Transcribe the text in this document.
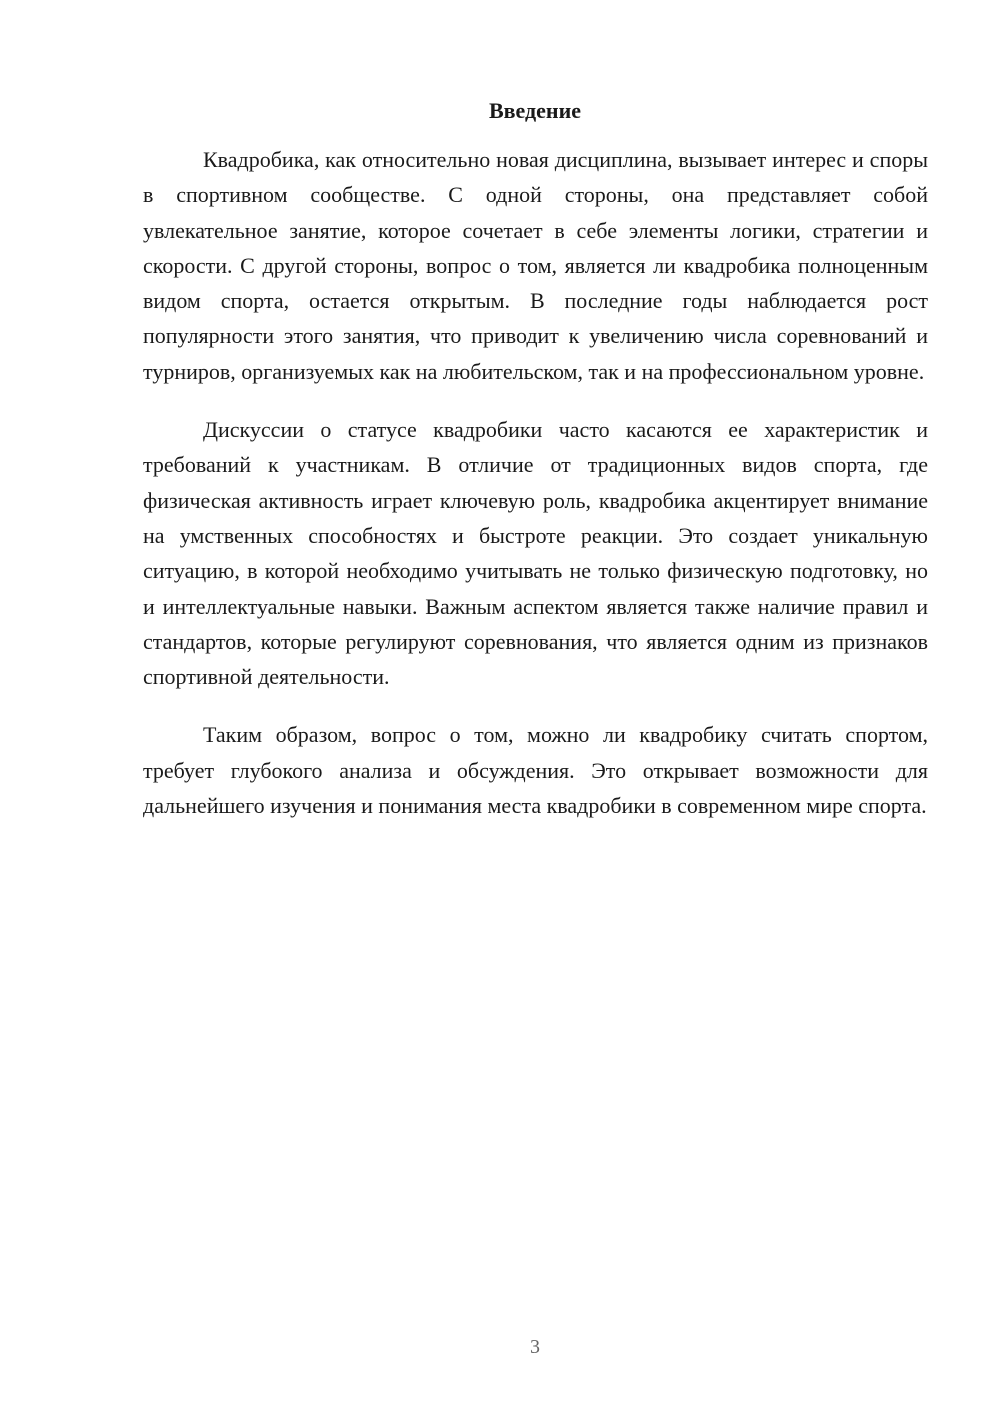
Введение

Квадробика, как относительно новая дисциплина, вызывает интерес и споры в спортивном сообществе. С одной стороны, она представляет собой увлекательное занятие, которое сочетает в себе элементы логики, стратегии и скорости. С другой стороны, вопрос о том, является ли квадробика полноценным видом спорта, остается открытым. В последние годы наблюдается рост популярности этого занятия, что приводит к увеличению числа соревнований и турниров, организуемых как на любительском, так и на профессиональном уровне.

Дискуссии о статусе квадробики часто касаются ее характеристик и требований к участникам. В отличие от традиционных видов спорта, где физическая активность играет ключевую роль, квадробика акцентирует внимание на умственных способностях и быстроте реакции. Это создает уникальную ситуацию, в которой необходимо учитывать не только физическую подготовку, но и интеллектуальные навыки. Важным аспектом является также наличие правил и стандартов, которые регулируют соревнования, что является одним из признаков спортивной деятельности.

Таким образом, вопрос о том, можно ли квадробику считать спортом, требует глубокого анализа и обсуждения. Это открывает возможности для дальнейшего изучения и понимания места квадробики в современном мире спорта.

3
